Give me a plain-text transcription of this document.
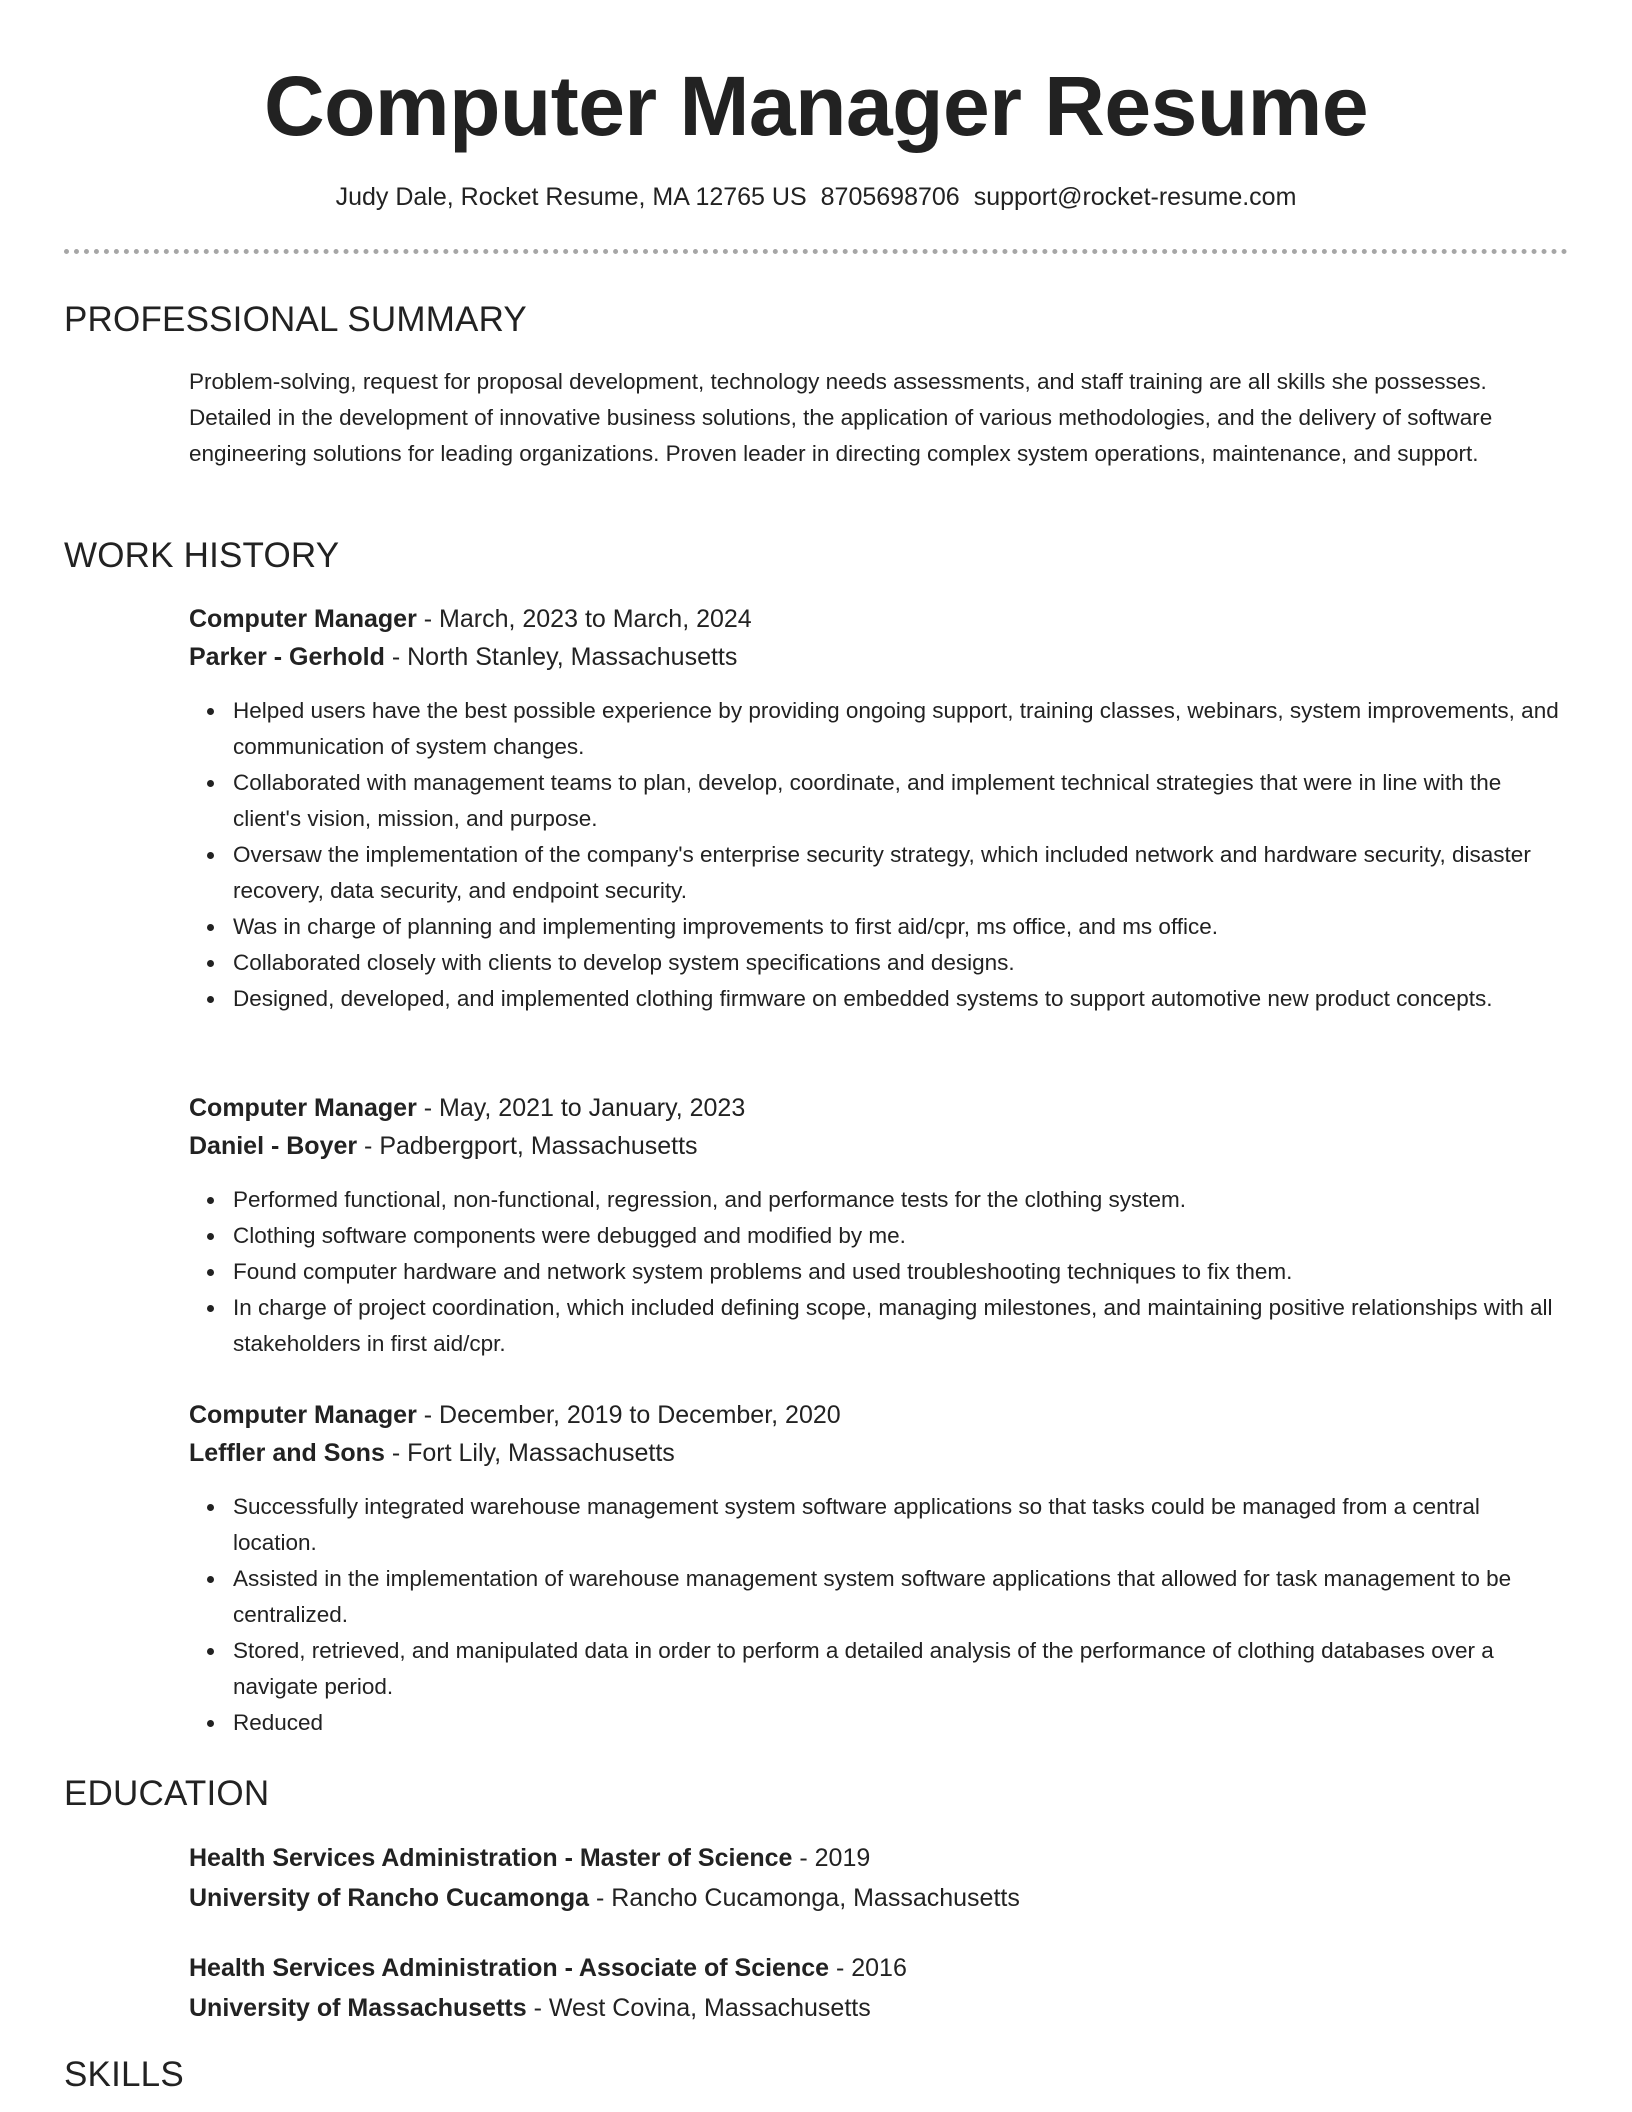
Computer Manager Resume
Judy Dale, Rocket Resume, MA 12765 US 8705698706 support@rocket-resume.com
PROFESSIONAL SUMMARY

Problem-solving, request for proposal development, technology needs assessments, and staff training are all skills she possesses. Detailed in the development of innovative business solutions, the application of various methodologies, and the delivery of software engineering solutions for leading organizations. Proven leader in directing complex system operations, maintenance, and support.

WORK HISTORY
Computer Manager - March, 2023 to March, 2024
Parker - Gerhold - North Stanley, Massachusetts
Helped users have the best possible experience by providing ongoing support, training classes, webinars, system improvements, and communication of system changes.
Collaborated with management teams to plan, develop, coordinate, and implement technical strategies that were in line with the client's vision, mission, and purpose.
Oversaw the implementation of the company's enterprise security strategy, which included network and hardware security, disaster recovery, data security, and endpoint security.
Was in charge of planning and implementing improvements to first aid/cpr, ms office, and ms office.
Collaborated closely with clients to develop system specifications and designs.
Designed, developed, and implemented clothing firmware on embedded systems to support automotive new product concepts.
Computer Manager - May, 2021 to January, 2023
Daniel - Boyer - Padbergport, Massachusetts
Performed functional, non-functional, regression, and performance tests for the clothing system.
Clothing software components were debugged and modified by me.
Found computer hardware and network system problems and used troubleshooting techniques to fix them.
In charge of project coordination, which included defining scope, managing milestones, and maintaining positive relationships with all stakeholders in first aid/cpr.
Computer Manager - December, 2019 to December, 2020
Leffler and Sons - Fort Lily, Massachusetts
Successfully integrated warehouse management system software applications so that tasks could be managed from a central location.
Assisted in the implementation of warehouse management system software applications that allowed for task management to be centralized.
Stored, retrieved, and manipulated data in order to perform a detailed analysis of the performance of clothing databases over a navigate period.
Reduced
EDUCATION
Health Services Administration - Master of Science - 2019
University of Rancho Cucamonga - Rancho Cucamonga, Massachusetts
Health Services Administration - Associate of Science - 2016
University of Massachusetts - West Covina, Massachusetts
SKILLS
